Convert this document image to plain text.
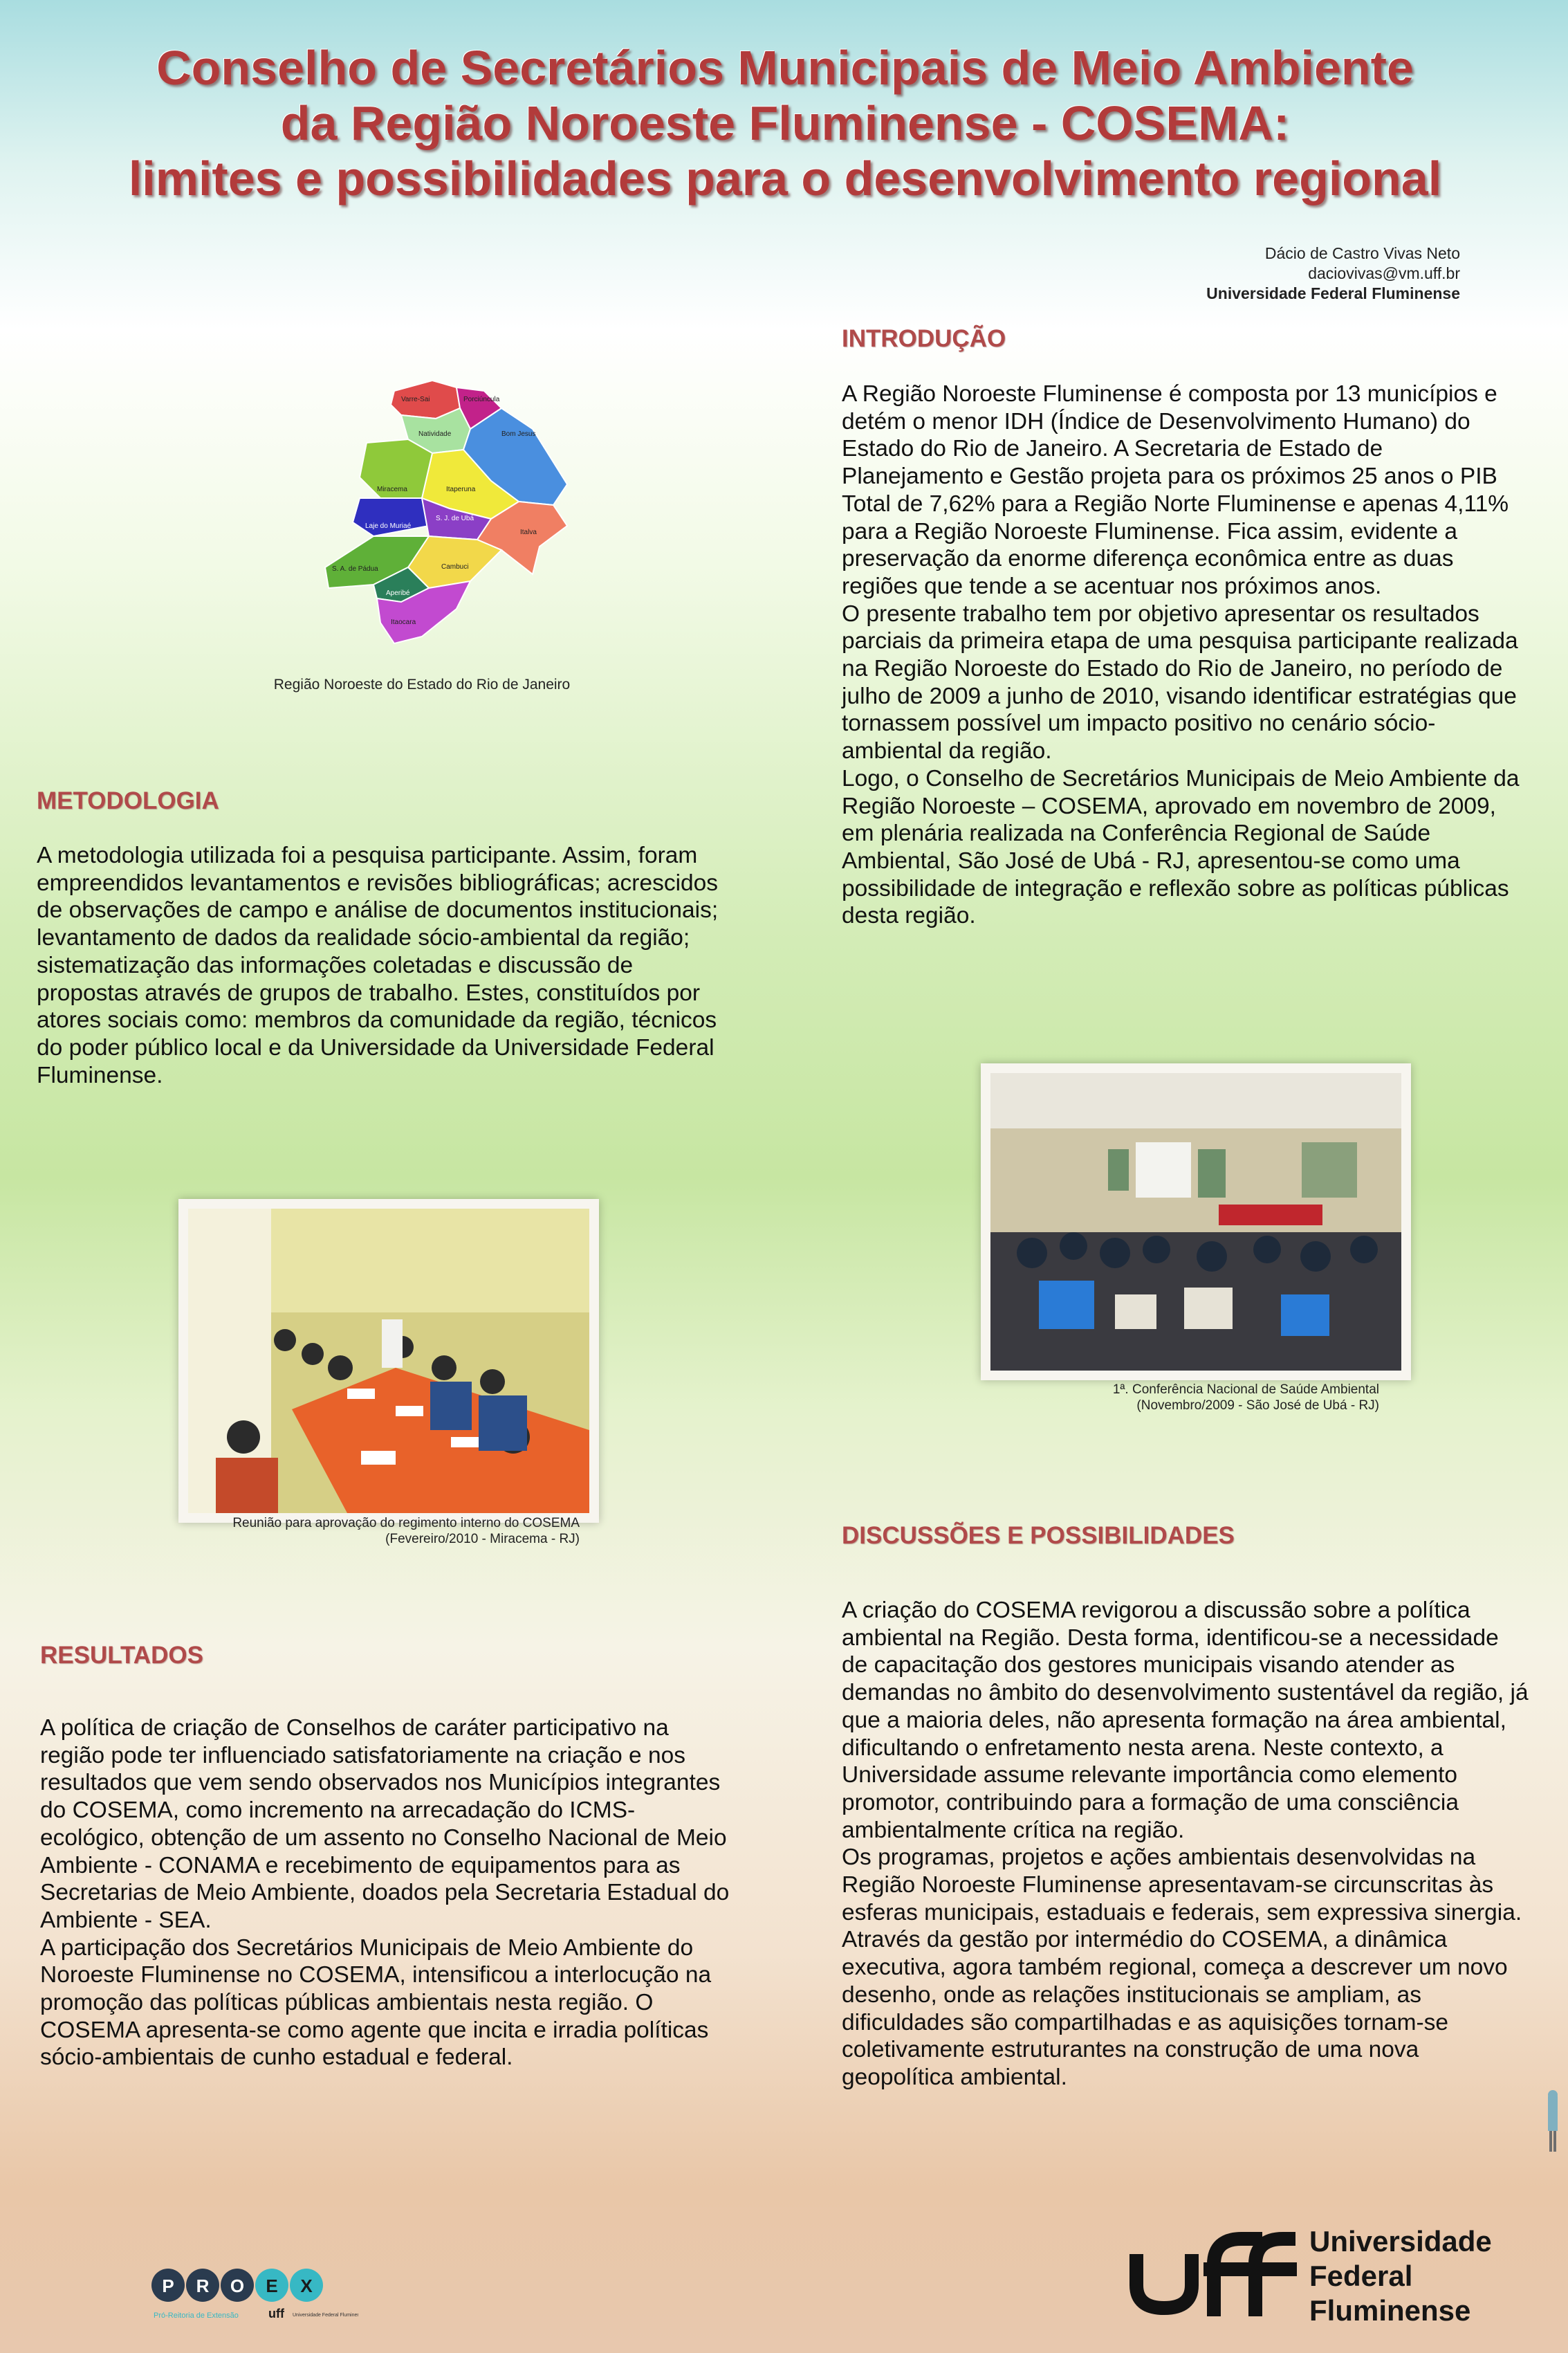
Conselho de Secretários Municipais de Meio Ambiente
da Região Noroeste Fluminense - COSEMA:
limites e possibilidades para o desenvolvimento regional
Dácio de Castro Vivas Neto
daciovivas@vm.uff.br
Universidade Federal Fluminense
Varre-Sai	Porciúncula
Natividade	Bom Jesus
Miracema	Itaperuna
Laje do Muriaé
S. J. de Ubá
Itaocara
Italva
Cambuci
S. A. de Pádua
Aperibé
Região Noroeste do Estado do Rio de Janeiro
INTRODUÇÃO

A Região Noroeste Fluminense é composta por 13 municípios e detém o menor IDH (Índice de Desenvolvimento Humano) do Estado do Rio de Janeiro. A Secretaria de Estado de Planejamento e Gestão projeta para os próximos 25 anos o PIB Total de 7,62% para a Região Norte Fluminense e apenas 4,11% para a Região Noroeste Fluminense. Fica assim, evidente a preservação da enorme diferença econômica entre as duas regiões que tende a se acentuar nos próximos anos.

O presente trabalho tem por objetivo apresentar os resultados parciais da primeira etapa de uma pesquisa participante realizada na Região Noroeste do Estado do Rio de Janeiro, no período de julho de 2009 a junho de 2010, visando identificar estratégias que tornassem possível um impacto positivo no cenário sócio-ambiental da região.

Logo, o Conselho de Secretários Municipais de Meio Ambiente da Região Noroeste – COSEMA, aprovado em novembro de 2009, em plenária realizada na Conferência Regional de Saúde Ambiental, São José de Ubá - RJ, apresentou-se como uma possibilidade de integração e reflexão sobre as políticas públicas desta região.

METODOLOGIA

A metodologia utilizada foi a pesquisa participante. Assim, foram empreendidos levantamentos e revisões bibliográficas; acrescidos de observações de campo e análise de documentos institucionais; levantamento de dados da realidade sócio-ambiental da região; sistematização das informações coletadas e discussão de propostas através de grupos de trabalho. Estes, constituídos por atores sociais como: membros da comunidade da região, técnicos do poder público local e da Universidade da Universidade Federal Fluminense.

1ª. Conferência Nacional de Saúde Ambiental
(Novembro/2009 - São José de Ubá - RJ)
Reunião para aprovação do regimento interno do COSEMA
(Fevereiro/2010 - Miracema - RJ)	DISCUSSÕES E POSSIBILIDADES

A criação do COSEMA revigorou a discussão sobre a política ambiental na Região. Desta forma, identificou-se a necessidade de capacitação dos gestores municipais visando atender as demandas no âmbito do desenvolvimento sustentável da região, já que a maioria deles, não apresenta formação na área ambiental, dificultando o enfretamento nesta arena. Neste contexto, a Universidade assume relevante importância como elemento promotor, contribuindo para a formação de uma consciência ambientalmente crítica na região.

Os programas, projetos e ações ambientais desenvolvidas na Região Noroeste Fluminense apresentavam-se circunscritas às esferas municipais, estaduais e federais, sem expressiva sinergia. Através da gestão por intermédio do COSEMA, a dinâmica executiva, agora também regional, começa a descrever um novo desenho, onde as relações institucionais se ampliam, as dificuldades são compartilhadas e as aquisições tornam-se coletivamente estruturantes na construção de uma nova geopolítica ambiental.

RESULTADOS

A política de criação de Conselhos de caráter participativo na região pode ter influenciado satisfatoriamente na criação e nos resultados que vem sendo observados nos Municípios integrantes do COSEMA, como incremento na arrecadação do ICMS-ecológico, obtenção de um assento no Conselho Nacional de Meio Ambiente - CONAMA e recebimento de equipamentos para as Secretarias de Meio Ambiente, doados pela Secretaria Estadual do Ambiente - SEA.

A participação dos Secretários Municipais de Meio Ambiente do Noroeste Fluminense no COSEMA, intensificou a interlocução na promoção das políticas públicas ambientais nesta região. O COSEMA apresenta-se como agente que incita e irradia políticas sócio-ambientais de cunho estadual e federal.

P R O E X
Pró-Reitoria de Extensão uff Universidade Federal Fluminense
Universidade
Federal
Fluminense
